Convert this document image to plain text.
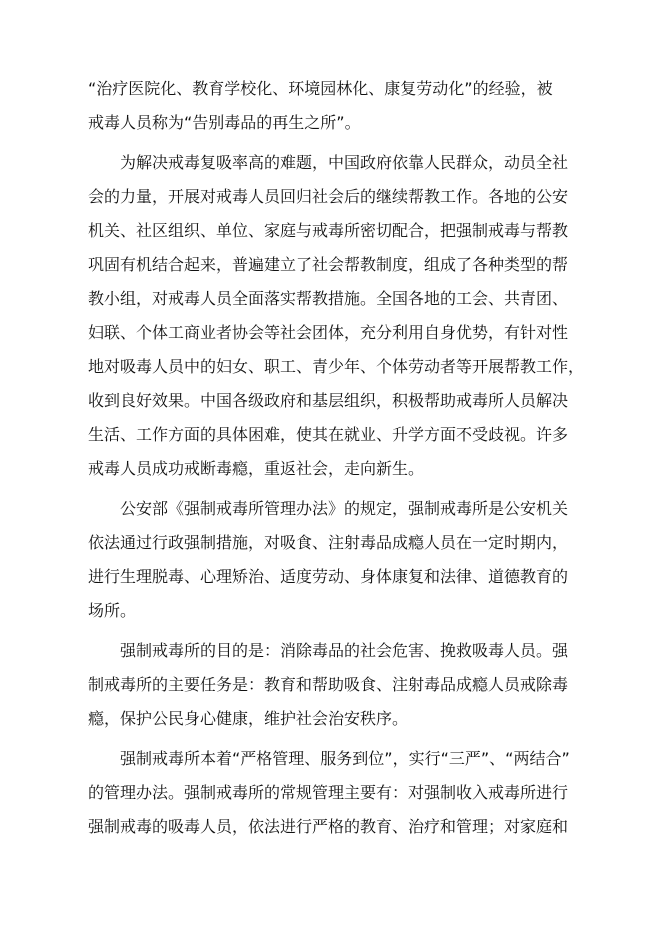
“治疗医院化、教育学校化、环境园林化、康复劳动化”的经验，被
戒毒人员称为“告别毒品的再生之所”。
为解决戒毒复吸率高的难题，中国政府依靠人民群众，动员全社
会的力量，开展对戒毒人员回归社会后的继续帮教工作。各地的公安
机关、社区组织、单位、家庭与戒毒所密切配合，把强制戒毒与帮教
巩固有机结合起来，普遍建立了社会帮教制度，组成了各种类型的帮
教小组，对戒毒人员全面落实帮教措施。全国各地的工会、共青团、
妇联、个体工商业者协会等社会团体，充分利用自身优势，有针对性
地对吸毒人员中的妇女、职工、青少年、个体劳动者等开展帮教工作，
收到良好效果。中国各级政府和基层组织，积极帮助戒毒所人员解决
生活、工作方面的具体困难，使其在就业、升学方面不受歧视。许多
戒毒人员成功戒断毒瘾，重返社会，走向新生。
公安部《强制戒毒所管理办法》的规定，强制戒毒所是公安机关
依法通过行政强制措施，对吸食、注射毒品成瘾人员在一定时期内，
进行生理脱毒、心理矫治、适度劳动、身体康复和法律、道德教育的
场所。
强制戒毒所的目的是：消除毒品的社会危害、挽救吸毒人员。强
制戒毒所的主要任务是：教育和帮助吸食、注射毒品成瘾人员戒除毒
瘾，保护公民身心健康，维护社会治安秩序。
强制戒毒所本着“严格管理、服务到位”，实行“三严”、“两结合”
的管理办法。强制戒毒所的常规管理主要有：对强制收入戒毒所进行
强制戒毒的吸毒人员，依法进行严格的教育、治疗和管理；对家庭和
